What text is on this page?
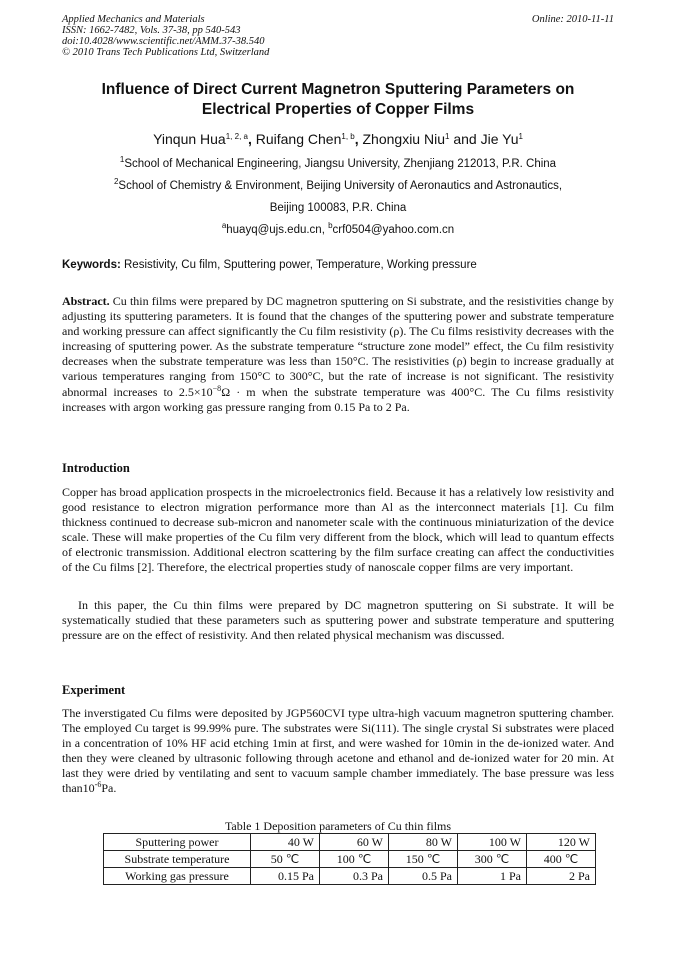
Applied Mechanics and Materials
ISSN: 1662-7482, Vols. 37-38, pp 540-543
doi:10.4028/www.scientific.net/AMM.37-38.540
© 2010 Trans Tech Publications Ltd, Switzerland
Online: 2010-11-11
Influence of Direct Current Magnetron Sputtering Parameters on
Electrical Properties of Copper Films
Yinqun Hua$^{1, 2, a}$, Ruifang Chen$^{1, b}$, Zhongxiu Niu$^1$ and Jie Yu$^1$
$^1$School of Mechanical Engineering, Jiangsu University, Zhenjiang 212013, P.R. China
$^2$School of Chemistry & Environment, Beijing University of Aeronautics and Astronautics,
Beijing 100083, P.R. China
$^a$huayq@ujs.edu.cn, $^b$crf0504@yahoo.com.cn
Keywords: Resistivity, Cu film, Sputtering power, Temperature, Working pressure
Abstract. Cu thin films were prepared by DC magnetron sputtering on Si substrate, and the resistivities change by adjusting its sputtering parameters. It is found that the changes of the sputtering power and substrate temperature and working pressure can affect significantly the Cu film resistivity (ρ). The Cu films resistivity decreases with the increasing of sputtering power. As the substrate temperature “structure zone model” effect, the Cu film resistivity decreases when the substrate temperature was less than 150°C. The resistivities (ρ) begin to increase gradually at various temperatures ranging from 150°C to 300°C, but the rate of increase is not significant. The resistivity abnormal increases to $2.5\times 10^{-8}\Omega \cdot m$ when the substrate temperature was 400°C. The Cu films resistivity increases with argon working gas pressure ranging from 0.15 Pa to 2 Pa.
Introduction
Copper has broad application prospects in the microelectronics field. Because it has a relatively low resistivity and good resistance to electron migration performance more than Al as the interconnect materials [1]. Cu film thickness continued to decrease sub-micron and nanometer scale with the continuous miniaturization of the device scale. These will make properties of the Cu film very different from the block, which will lead to quantum effects of electronic transmission. Additional electron scattering by the film surface creating can affect the conductivities of the Cu films [2]. Therefore, the electrical properties study of nanoscale copper films are very important.
In this paper, the Cu thin films were prepared by DC magnetron sputtering on Si substrate. It will be systematically studied that these parameters such as sputtering power and substrate temperature and sputtering pressure are on the effect of resistivity. And then related physical mechanism was discussed.
Experiment
The inverstigated Cu films were deposited by JGP560CVI type ultra-high vacuum magnetron sputtering chamber. The employed Cu target is 99.99% pure. The substrates were Si(111). The single crystal Si substrates were placed in a concentration of 10% HF acid etching 1min at first, and were washed for 10min in the de-ionized water. And then they were cleaned by ultrasonic following through acetone and ethanol and de-ionized water for 20 min. At last they were dried by ventilating and sent to vacuum sample chamber immediately. The base pressure was less $than10^{-6}Pa$.
Table 1 Deposition parameters of Cu thin films
Sputtering power	40 W	60 W	80 W	100 W	120 W
Substrate temperature	50 ℃	100 ℃	150 ℃	300 ℃	400 ℃
Working gas pressure	0.15 Pa	0.3 Pa	0.5 Pa	1 Pa	2 Pa
